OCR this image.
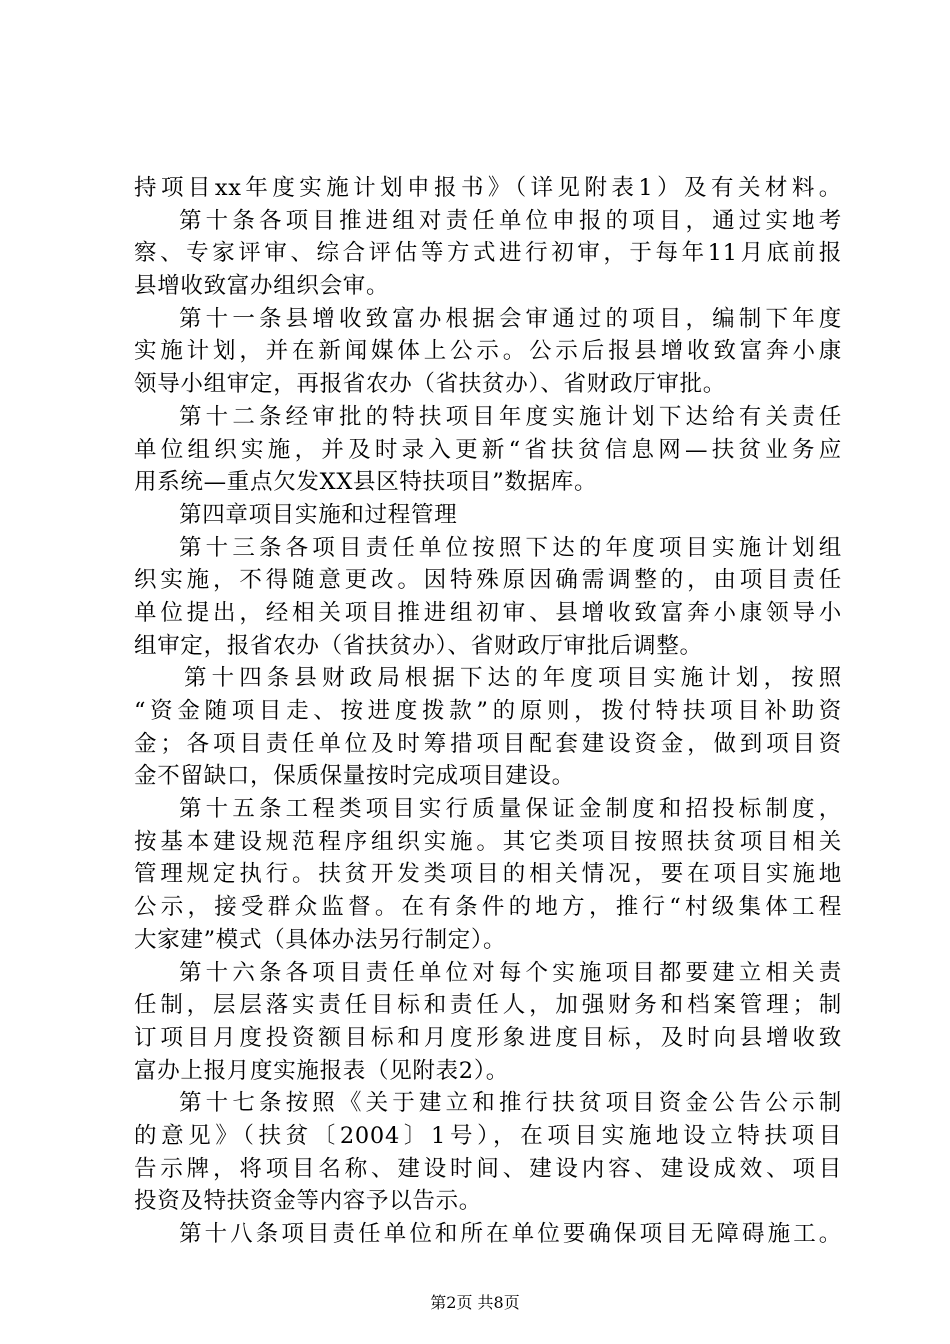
持项目xx年度实施计划申报书》（详见附表1）及有关材料。
第十条各项目推进组对责任单位申报的项目，通过实地考
察、专家评审、综合评估等方式进行初审，于每年11月底前报
县增收致富办组织会审。
第十一条县增收致富办根据会审通过的项目，编制下年度
实施计划，并在新闻媒体上公示。公示后报县增收致富奔小康
领导小组审定，再报省农办（省扶贫办）、省财政厅审批。
第十二条经审批的特扶项目年度实施计划下达给有关责任
单位组织实施，并及时录入更新“省扶贫信息网—扶贫业务应
用系统—重点欠发XX县区特扶项目”数据库。
第四章项目实施和过程管理
第十三条各项目责任单位按照下达的年度项目实施计划组
织实施，不得随意更改。因特殊原因确需调整的，由项目责任
单位提出，经相关项目推进组初审、县增收致富奔小康领导小
组审定，报省农办（省扶贫办）、省财政厅审批后调整。
第十四条县财政局根据下达的年度项目实施计划，按照
“资金随项目走、按进度拨款”的原则，拨付特扶项目补助资
金；各项目责任单位及时筹措项目配套建设资金，做到项目资
金不留缺口，保质保量按时完成项目建设。
第十五条工程类项目实行质量保证金制度和招投标制度，
按基本建设规范程序组织实施。其它类项目按照扶贫项目相关
管理规定执行。扶贫开发类项目的相关情况，要在项目实施地
公示，接受群众监督。在有条件的地方，推行“村级集体工程
大家建”模式（具体办法另行制定）。
第十六条各项目责任单位对每个实施项目都要建立相关责
任制，层层落实责任目标和责任人，加强财务和档案管理；制
订项目月度投资额目标和月度形象进度目标，及时向县增收致
富办上报月度实施报表（见附表2）。
第十七条按照《关于建立和推行扶贫项目资金公告公示制
的意见》（扶贫〔2004〕1号），在项目实施地设立特扶项目
告示牌，将项目名称、建设时间、建设内容、建设成效、项目
投资及特扶资金等内容予以告示。
第十八条项目责任单位和所在单位要确保项目无障碍施工。
第2页 共8页
